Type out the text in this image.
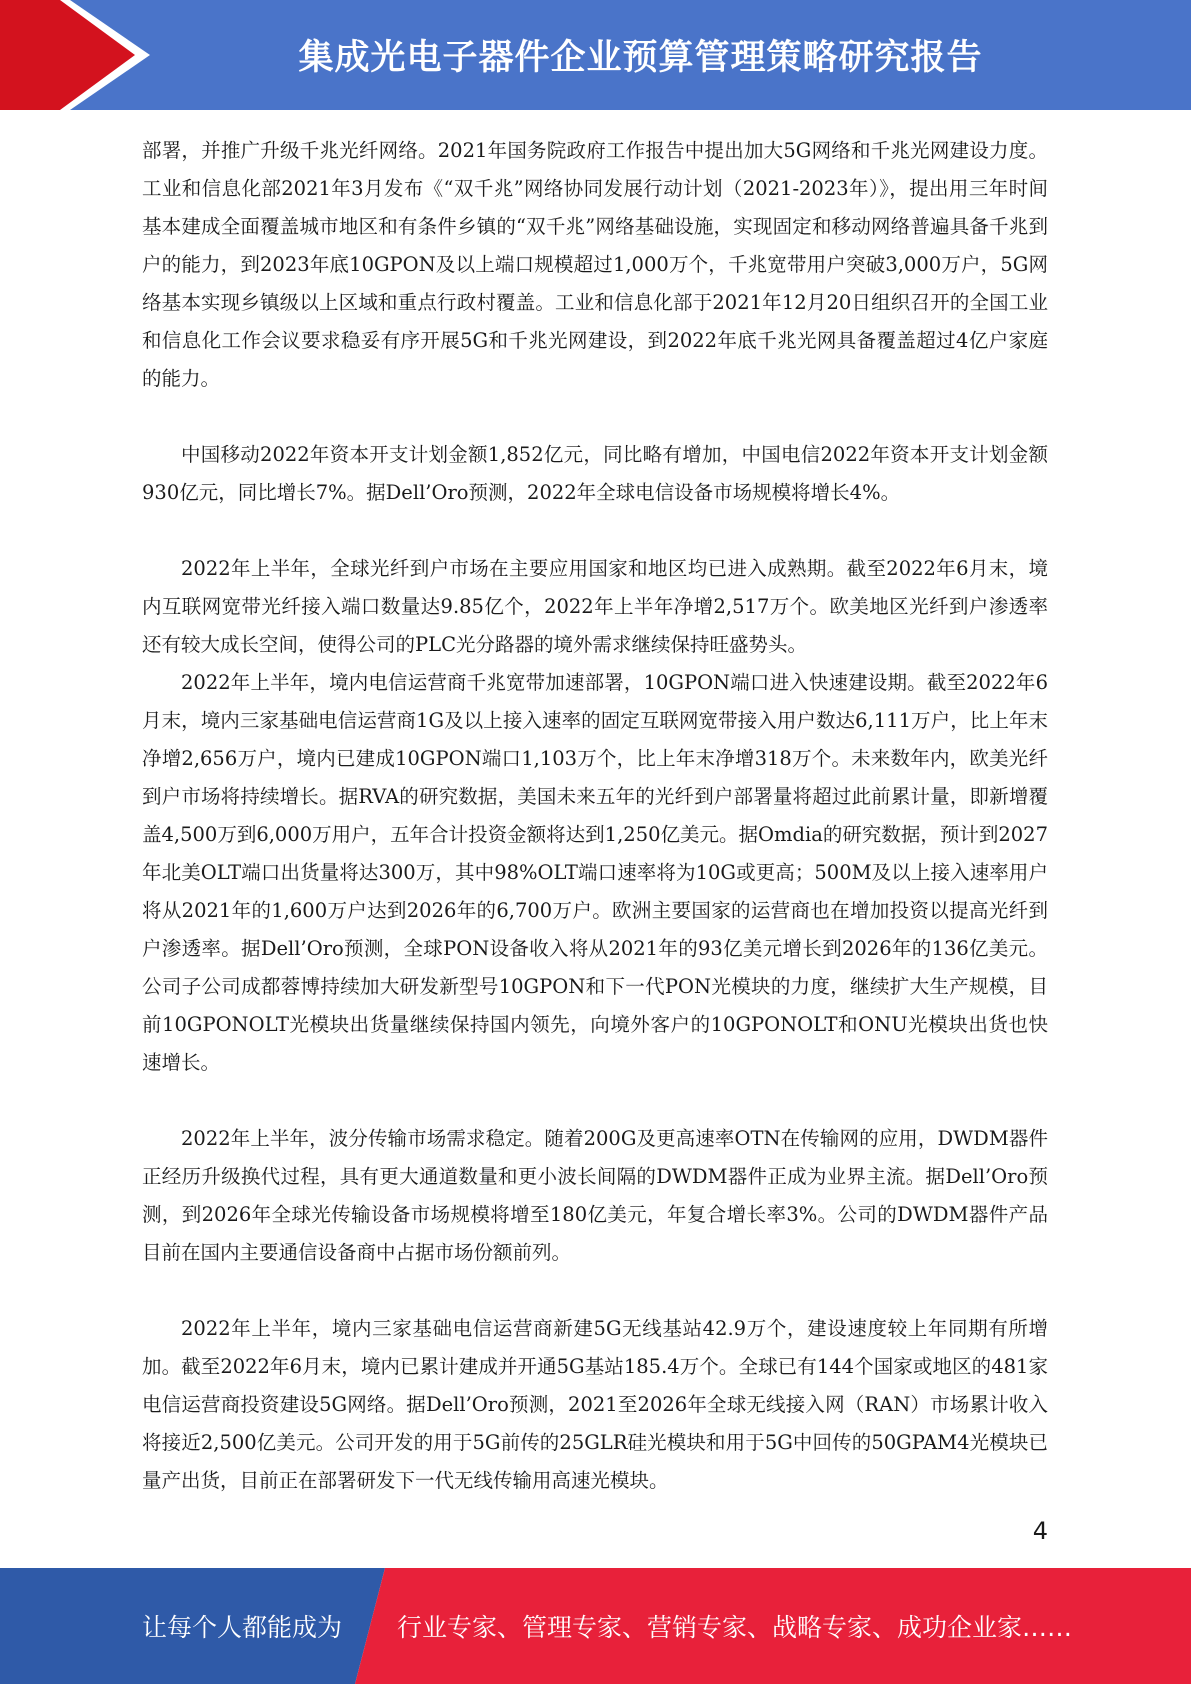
集成光电子器件企业预算管理策略研究报告

部署，并推广升级千兆光纤网络。2021年国务院政府工作报告中提出加大5G网络和千兆光网建设力度。工业和信息化部2021年3月发布《“双千兆”网络协同发展行动计划（2021-2023年）》，提出用三年时间基本建成全面覆盖城市地区和有条件乡镇的“双千兆”网络基础设施，实现固定和移动网络普遍具备千兆到户的能力，到2023年底10GPON及以上端口规模超过1,000万个，千兆宽带用户突破3,000万户，5G网络基本实现乡镇级以上区域和重点行政村覆盖。工业和信息化部于2021年12月20日组织召开的全国工业和信息化工作会议要求稳妥有序开展5G和千兆光网建设，到2022年底千兆光网具备覆盖超过4亿户家庭的能力。

中国移动2022年资本开支计划金额1,852亿元，同比略有增加，中国电信2022年资本开支计划金额930亿元，同比增长7%。据Dell’Oro预测，2022年全球电信设备市场规模将增长4%。

2022年上半年，全球光纤到户市场在主要应用国家和地区均已进入成熟期。截至2022年6月末，境内互联网宽带光纤接入端口数量达9.85亿个，2022年上半年净增2,517万个。欧美地区光纤到户渗透率还有较大成长空间，使得公司的PLC光分路器的境外需求继续保持旺盛势头。

2022年上半年，境内电信运营商千兆宽带加速部署，10GPON端口进入快速建设期。截至2022年6月末，境内三家基础电信运营商1G及以上接入速率的固定互联网宽带接入用户数达6,111万户，比上年末净增2,656万户，境内已建成10GPON端口1,103万个，比上年末净增318万个。未来数年内，欧美光纤到户市场将持续增长。据RVA的研究数据，美国未来五年的光纤到户部署量将超过此前累计量，即新增覆盖4,500万到6,000万用户，五年合计投资金额将达到1,250亿美元。据Omdia的研究数据，预计到2027年北美OLT端口出货量将达300万，其中98%OLT端口速率将为10G或更高；500M及以上接入速率用户将从2021年的1,600万户达到2026年的6,700万户。欧洲主要国家的运营商也在增加投资以提高光纤到户渗透率。据Dell’Oro预测，全球PON设备收入将从2021年的93亿美元增长到2026年的136亿美元。公司子公司成都蓉博持续加大研发新型号10GPON和下一代PON光模块的力度，继续扩大生产规模，目前10GPONOLT光模块出货量继续保持国内领先，向境外客户的10GPONOLT和ONU光模块出货也快速增长。

2022年上半年，波分传输市场需求稳定。随着200G及更高速率OTN在传输网的应用，DWDM器件正经历升级换代过程，具有更大通道数量和更小波长间隔的DWDM器件正成为业界主流。据Dell’Oro预测，到2026年全球光传输设备市场规模将增至180亿美元，年复合增长率3%。公司的DWDM器件产品目前在国内主要通信设备商中占据市场份额前列。

2022年上半年，境内三家基础电信运营商新建5G无线基站42.9万个，建设速度较上年同期有所增加。截至2022年6月末，境内已累计建成并开通5G基站185.4万个。全球已有144个国家或地区的481家电信运营商投资建设5G网络。据Dell’Oro预测，2021至2026年全球无线接入网（RAN）市场累计收入将接近2,500亿美元。公司开发的用于5G前传的25GLR硅光模块和用于5G中回传的50GPAM4光模块已量产出货，目前正在部署研发下一代无线传输用高速光模块。

4
让每个人都能成为 行业专家、管理专家、营销专家、战略专家、成功企业家……
